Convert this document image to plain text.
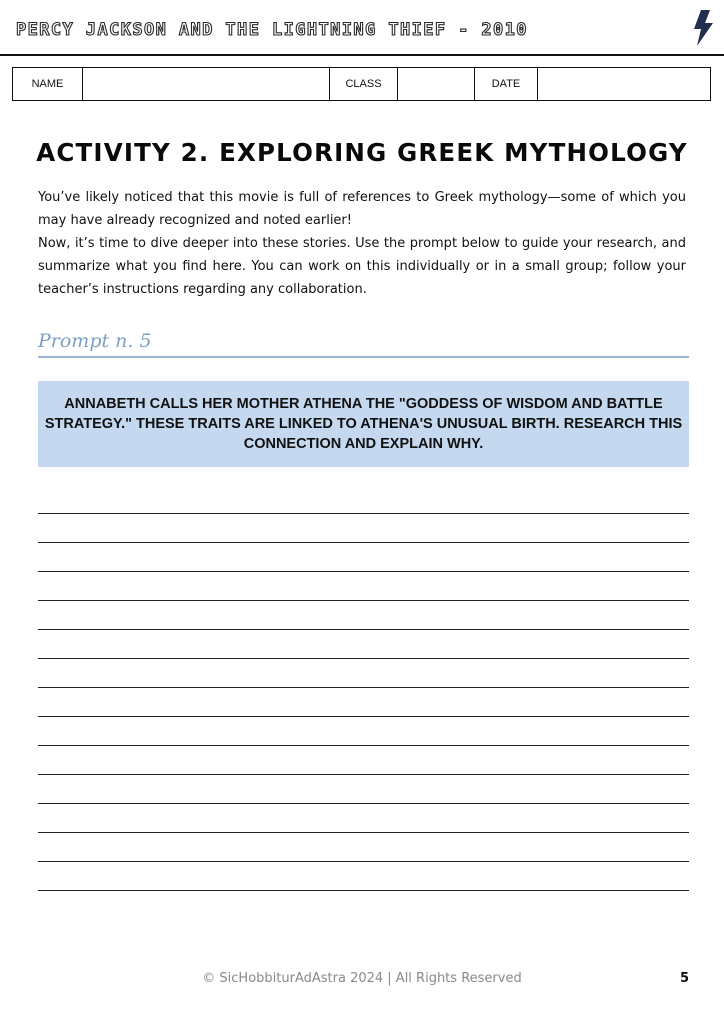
PERCY JACKSON AND THE LIGHTNING THIEF - 2010
NAME	CLASS	DATE
ACTIVITY 2. EXPLORING GREEK MYTHOLOGY

You’ve likely noticed that this movie is full of references to Greek mythology—some of which you may have already recognized and noted earlier!

Now, it’s time to dive deeper into these stories. Use the prompt below to guide your research, and summarize what you find here. You can work on this individually or in a small group; follow your teacher’s instructions regarding any collaboration.

Prompt n. 5
ANNABETH CALLS HER MOTHER ATHENA THE "GODDESS OF WISDOM AND BATTLE STRATEGY." THESE TRAITS ARE LINKED TO ATHENA'S UNUSUAL BIRTH. RESEARCH THIS CONNECTION AND EXPLAIN WHY.
© SicHobbiturAdAstra 2024 | All Rights Reserved	5
